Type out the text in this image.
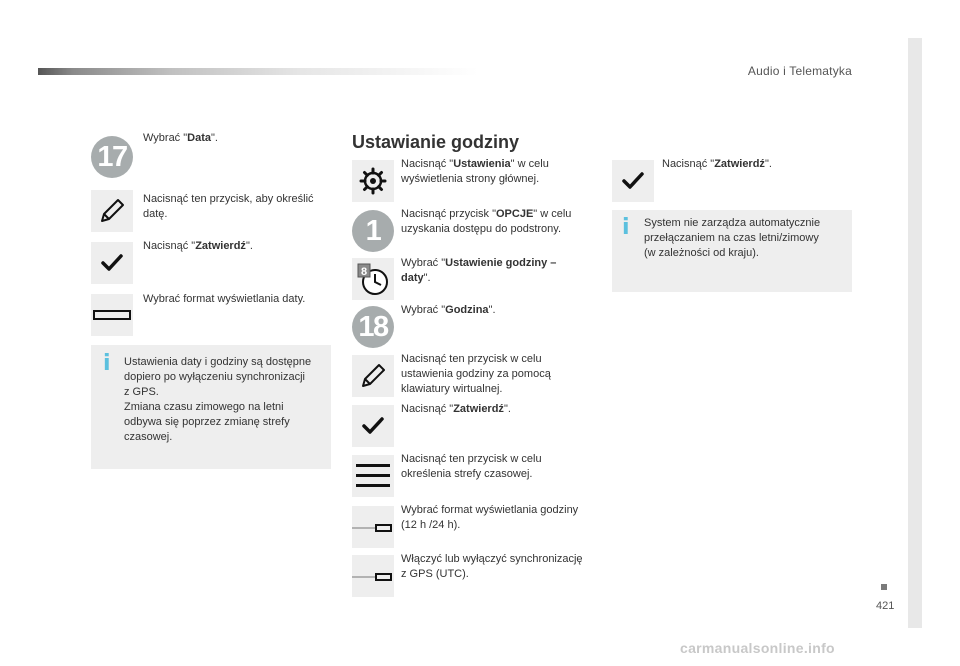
Audio i Telematyka
17
Wybrać "Data".
Nacisnąć ten przycisk, aby określić datę.
Nacisnąć "Zatwierdź".
Wybrać format wyświetlania daty.
i Ustawienia daty i godziny są dostępne
dopiero po wyłączeniu synchronizacji
z GPS.
Zmiana czasu zimowego na letni
odbywa się poprzez zmianę strefy
czasowej.
Ustawianie godziny
Nacisnąć "Ustawienia" w celu
wyświetlenia strony głównej.
1
Nacisnąć przycisk "OPCJE" w celu
uzyskania dostępu do podstrony.
8
Wybrać "Ustawienie godziny –
daty".
18
Wybrać "Godzina".
Nacisnąć ten przycisk w celu
ustawienia godziny za pomocą
klawiatury wirtualnej.
Nacisnąć "Zatwierdź".
Nacisnąć ten przycisk w celu
określenia strefy czasowej.
Wybrać format wyświetlania godziny
(12 h /24 h).
Włączyć lub wyłączyć synchronizację
z GPS (UTC).
Nacisnąć "Zatwierdź".
i System nie zarządza automatycznie
przełączaniem na czas letni/zimowy
(w zależności od kraju).
421
carmanualsonline.info
